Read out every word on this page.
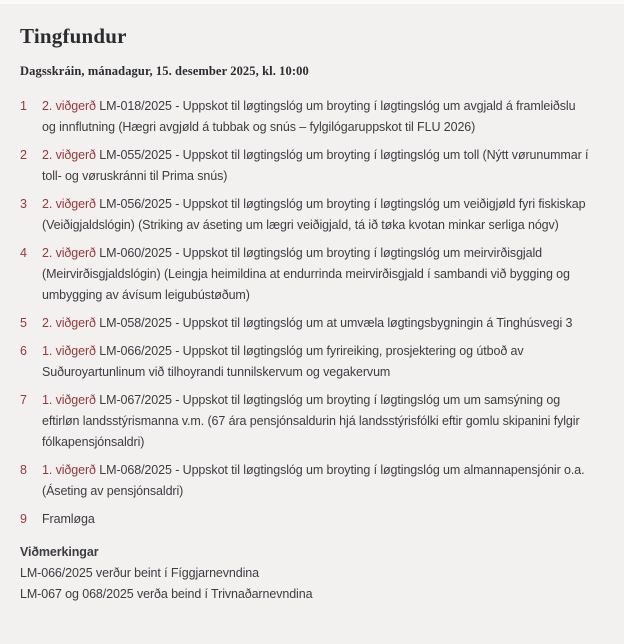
Tingfundur
Dagsskráin, mánadagur, 15. desember 2025, kl. 10:00
1	2. viðgerð LM-018/2025 - Uppskot til løgtingslóg um broyting í løgtingslóg um avgjald á framleiðslu og innflutning (Hægri avgjøld á tubbak og snús – fylgilógaruppskot til FLU 2026)
2	2. viðgerð LM-055/2025 - Uppskot til løgtingslóg um broyting í løgtingslóg um toll (Nýtt vørunummar í toll- og vøruskránni til Prima snús)
3	2. viðgerð LM-056/2025 - Uppskot til løgtingslóg um broyting í løgtingslóg um veiðigjøld fyri fiskiskap (Veiðigjaldslógin) (Striking av áseting um lægri veiðigjald, tá ið tøka kvotan minkar serliga nógv)
4	2. viðgerð LM-060/2025 - Uppskot til løgtingslóg um broyting í løgtingslóg um meirvirðisgjald (Meirvirðisgjaldslógin) (Leingja heimildina at endurrinda meirvirðisgjald í sambandi við bygging og umbygging av ávísum leigubústøðum)
5	2. viðgerð LM-058/2025 - Uppskot til løgtingslóg um at umvæla løgtingsbygningin á Tinghúsvegi 3
6	1. viðgerð LM-066/2025 - Uppskot til løgtingslóg um fyrireiking, prosjektering og útboð av Suðuroyartunlinum við tilhoyrandi tunnilskervum og vegakervum
7	1. viðgerð LM-067/2025 - Uppskot til løgtingslóg um broyting í løgtingslóg um um samsýning og eftirløn landsstýrismanna v.m. (67 ára pensjónsaldurin hjá landsstýrisfólki eftir gomlu skipanini fylgir fólkapensjónsaldri)
8	1. viðgerð LM-068/2025 - Uppskot til løgtingslóg um broyting í løgtingslóg um almannapensjónir o.a. (Áseting av pensjónsaldri)
9	Framløga
Viðmerkingar
LM-066/2025 verður beint í Fíggjarnevndina
LM-067 og 068/2025 verða beind í Trivnaðarnevndina
